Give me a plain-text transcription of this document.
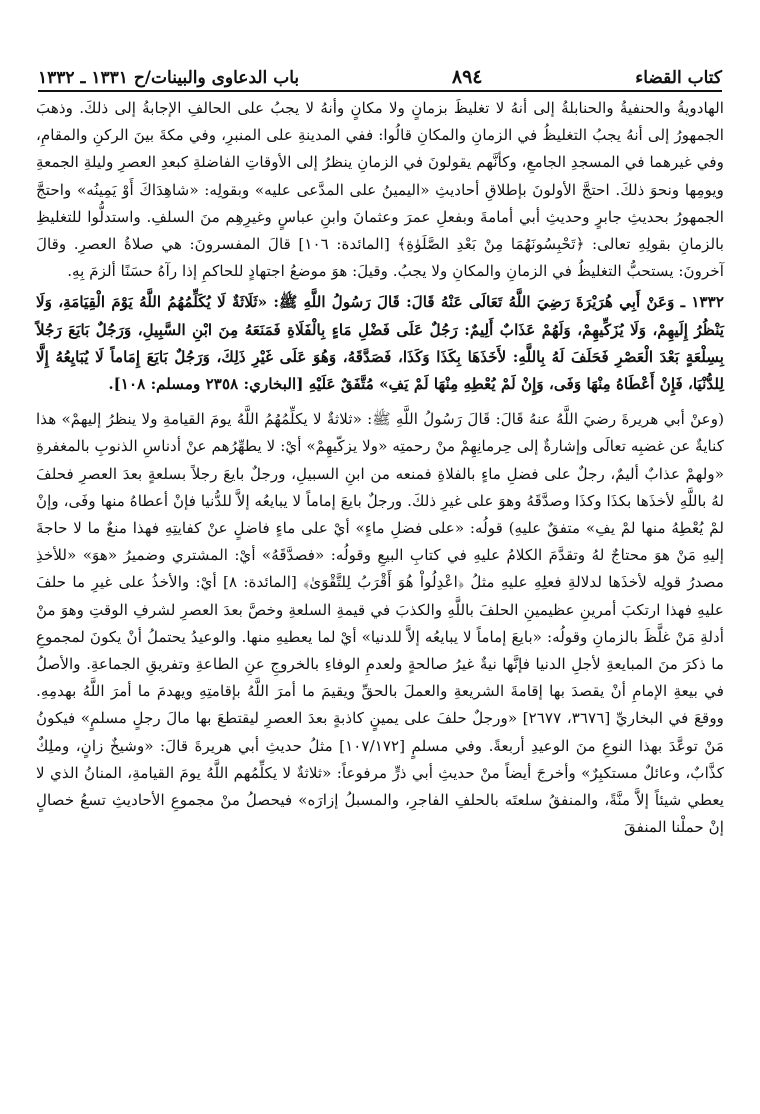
كتاب القضاء
٨٩٤
باب الدعاوى والبينات/ح ١٣٣١ ـ ١٣٣٢

الهادويةُ والحنفيةُ والحنابلةُ إلى أنهُ لا تغليظَ بزمانٍ ولا مكانٍ وأنهُ لا يجبُ على الحالفِ الإجابةُ إلى ذلكَ. وذهبَ الجمهورُ إلى أنهُ يجبُ التغليظُ في الزمانِ والمكانِ قالُوا: ففي المدينةِ على المنبرِ، وفي مكةَ بينَ الركنِ والمقامِ، وفي غيرهما في المسجدِ الجامعِ، وكأنَّهم يقولونَ في الزمانِ ينظرُ إلى الأوقاتِ الفاضلةِ كبعدِ العصرِ وليلةِ الجمعةِ ويومِها ونحوَ ذلكَ. احتجَّ الأولونَ بإطلاقِ أحاديثِ «اليمينُ على المدَّعى عليه» وبقولِه: «شاهِدَاكَ أَوْ يَمِينُه» واحتجَّ الجمهورُ بحديثِ جابرٍ وحديثِ أبي أمامةَ وبفعلِ عمرَ وعثمانَ وابنِ عباسٍ وغيرِهِم منَ السلفِ. واستدلُّوا للتغليظِ بالزمانِ بقولِهِ تعالى: ﴿تَحْبِسُونَهُمَا مِنْ بَعْدِ الصَّلَوٰةِ﴾ [المائدة: ١٠٦] قالَ المفسرونَ: هي صلاةُ العصرِ. وقالَ آخرونَ: يستحبُّ التغليظُ في الزمانِ والمكانِ ولا يجبُ. وقيلَ: هوَ موضعُ اجتهادٍ للحاكمِ إذا رآهُ حسَنًا ألزمَ بِهِ.

١٣٣٢ ـ وَعَنْ أَبِي هُرَيْرَةَ رَضِيَ اللَّهُ تَعَالَى عَنْهُ قَالَ: قَالَ رَسُولُ اللَّهِ ﷺ: «ثَلَاثَةٌ لَا يُكَلِّمُهُمُ اللَّهُ يَوْمَ الْقِيَامَةِ، وَلَا يَنْظُرُ إِلَيهِمْ، وَلَا يُزَكِّيهِمْ، وَلَهُمْ عَذَابٌ أَلِيمٌ: رَجُلٌ عَلَى فَضْلِ مَاءٍ بِالْفَلَاةِ فَمَنَعَهُ مِنَ ابْنِ السَّبِيلِ، وَرَجُلٌ بَايَعَ رَجُلاً بِسِلْعَةٍ بَعْدَ الْعَصْرِ فَحَلَفَ لَهُ بِاللَّهِ: لأَخَذَهَا بِكَذَا وَكَذَا، فَصَدَّقَهُ، وَهُوَ عَلَى غَيْرِ ذَلِكَ، وَرَجُلٌ بَايَعَ إِمَاماً لَا يُبَايِعُهُ إِلَّا لِلدُّنْيَا، فَإِنْ أَعْطَاهُ مِنْهَا وَفَى، وَإِنْ لَمْ يُعْطِهِ مِنْهَا لَمْ يَفِ» مُتَّفَقٌ عَلَيْهِ [البخاري: ٢٣٥٨ ومسلم: ١٠٨].

(وعنْ أبي هريرةَ رضيَ اللَّهُ عنهُ قَالَ: قَالَ رَسُولُ اللَّهِ ﷺ: «ثلاثةٌ لا يكلِّمُهُمُ اللَّهُ يومَ القيامةِ ولا ينظرُ إليهمْ» هذا كنايةٌ عن غضبِه تعالَى وإشارةٌ إلى حِرمانِهِمْ منْ رحمتِه «ولا يزكّيهِمْ» أيْ: لا يطهِّرُهم عنْ أدناسِ الذنوبِ بالمغفرةِ «ولهمْ عذابٌ أليمٌ، رجلٌ على فضلِ ماءٍ بالفلاةِ فمنعه من ابنِ السبيلِ، ورجلٌ بايعَ رجلاً بسلعةٍ بعدَ العصرِ فحلفَ لهُ باللَّهِ لأخذَها بكذَا وكذَا وصدَّقَهُ وهوَ على غيرِ ذلكَ. ورجلٌ بايعَ إماماً لا يبايعُه إلاَّ للدُّنيا فإنْ أعطاهُ منها وفَى، وإنْ لمْ يُعْطِهُ منها لمْ يفِ» متفقٌ عليهِ) قولُه: «على فضلِ ماءٍ» أيْ على ماءٍ فاضلٍ عنْ كفايتِهِ فهذا منعٌ ما لا حاجةَ إليهِ مَنْ هوَ محتاجٌ لهُ وتقدَّمَ الكلامُ عليهِ في كتابِ البيعِ وقولُه: «فصدَّقَهُ» أيْ: المشتري وضميرُ «هوَ» «للأخذِ مصدرُ قولِه لأخذَها لدلالةِ فعلِهِ عليهِ مثلُ ﴿اعْدِلُواْ هُوَ أَقْرَبُ لِلتَّقْوَىٰ﴾ [المائدة: ٨] أيْ: والأخذُ على غيرِ ما حلفَ عليهِ فهذا ارتكبَ أمرينِ عظيمينِ الحلفَ باللَّهِ والكذبَ في قيمةِ السلعةِ وخصَّ بعدَ العصرِ لشرفِ الوقتِ وهوَ منْ أدلةِ مَنْ غلَّظَ بالزمانِ وقولُه: «بايعَ إماماً لا يبايعُه إلاَّ للدنيا» أيْ لما يعطيهِ منها. والوعيدُ يحتملُ أنْ يكونَ لمجموعِ ما ذكرَ منَ المبايعةِ لأجلِ الدنيا فإنَّها نيةٌ غيرُ صالحةٍ ولعدمِ الوفاءِ بالخروجِ عنِ الطاعةِ وتفريقِ الجماعةِ. والأصلُ في بيعةِ الإمامِ أنْ يقصدَ بها إقامةَ الشريعةِ والعملَ بالحقِّ ويقيمَ ما أمرَ اللَّهُ بإقامتِهِ ويهدمَ ما أمرَ اللَّهُ بهدمِهِ. ووقعَ في البخاريِّ [٣٦٧٦، ٢٦٧٧] «ورجلٌ حلفَ على يمينٍ كاذبةٍ بعدَ العصرِ ليقتطعَ بها مالَ رجلٍ مسلمٍ» فيكونُ مَنْ توعَّدَ بهذا النوعِ منَ الوعيدِ أربعةً. وفي مسلمٍ [١٠٧/١٧٢] مثلُ حديثِ أبي هريرةَ قالَ: «وشيخٌ زانٍ، وملِكٌ كذَّابٌ، وعائلٌ مستكبِرٌ» وأخرجَ أيضاً منْ حديثِ أبي ذرٍّ مرفوعاً: «ثلاثةٌ لا يكلِّمُهم اللَّهُ يومَ القيامةِ، المنانُ الذي لا يعطي شيئاً إلاَّ منَّةً، والمنفقُ سلعتَه بالحلفِ الفاجرِ، والمسبلُ إزارَه» فيحصلُ منْ مجموعِ الأحاديثِ تسعُ خصالٍ إنْ حملْنا المنفقَ
